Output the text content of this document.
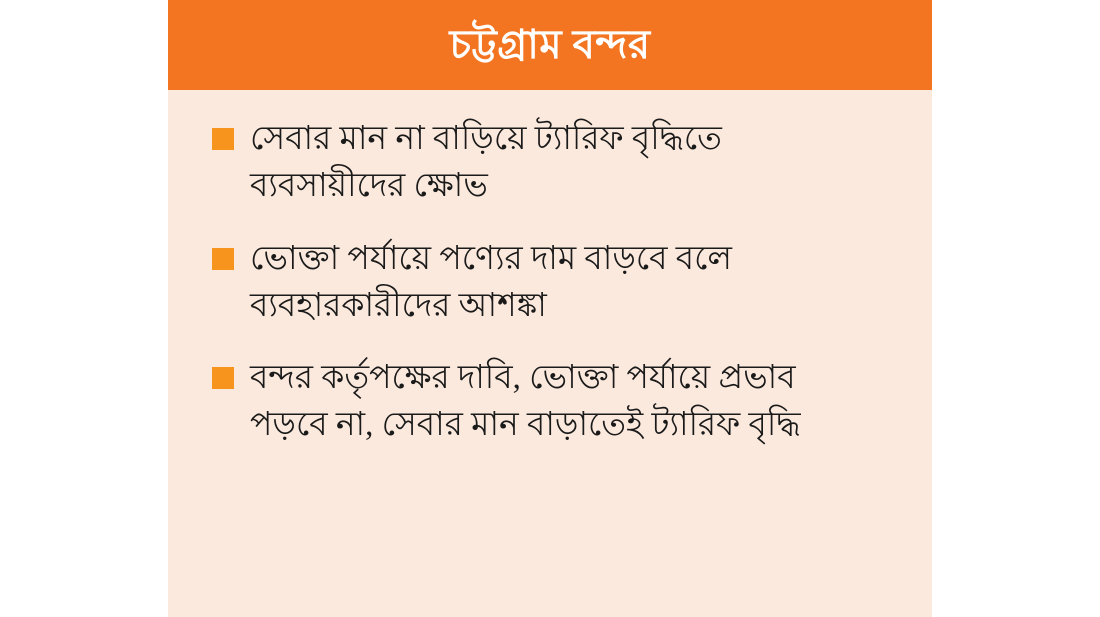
চট্টগ্রাম বন্দর
সেবার মান না বাড়িয়ে ট্যারিফ বৃদ্ধিতে ব্যবসায়ীদের ক্ষোভ
ভোক্তা পর্যায়ে পণ্যের দাম বাড়বে বলে ব্যবহারকারীদের আশঙ্কা
বন্দর কর্তৃপক্ষের দাবি, ভোক্তা পর্যায়ে প্রভাব পড়বে না, সেবার মান বাড়াতেই ট্যারিফ বৃদ্ধি
